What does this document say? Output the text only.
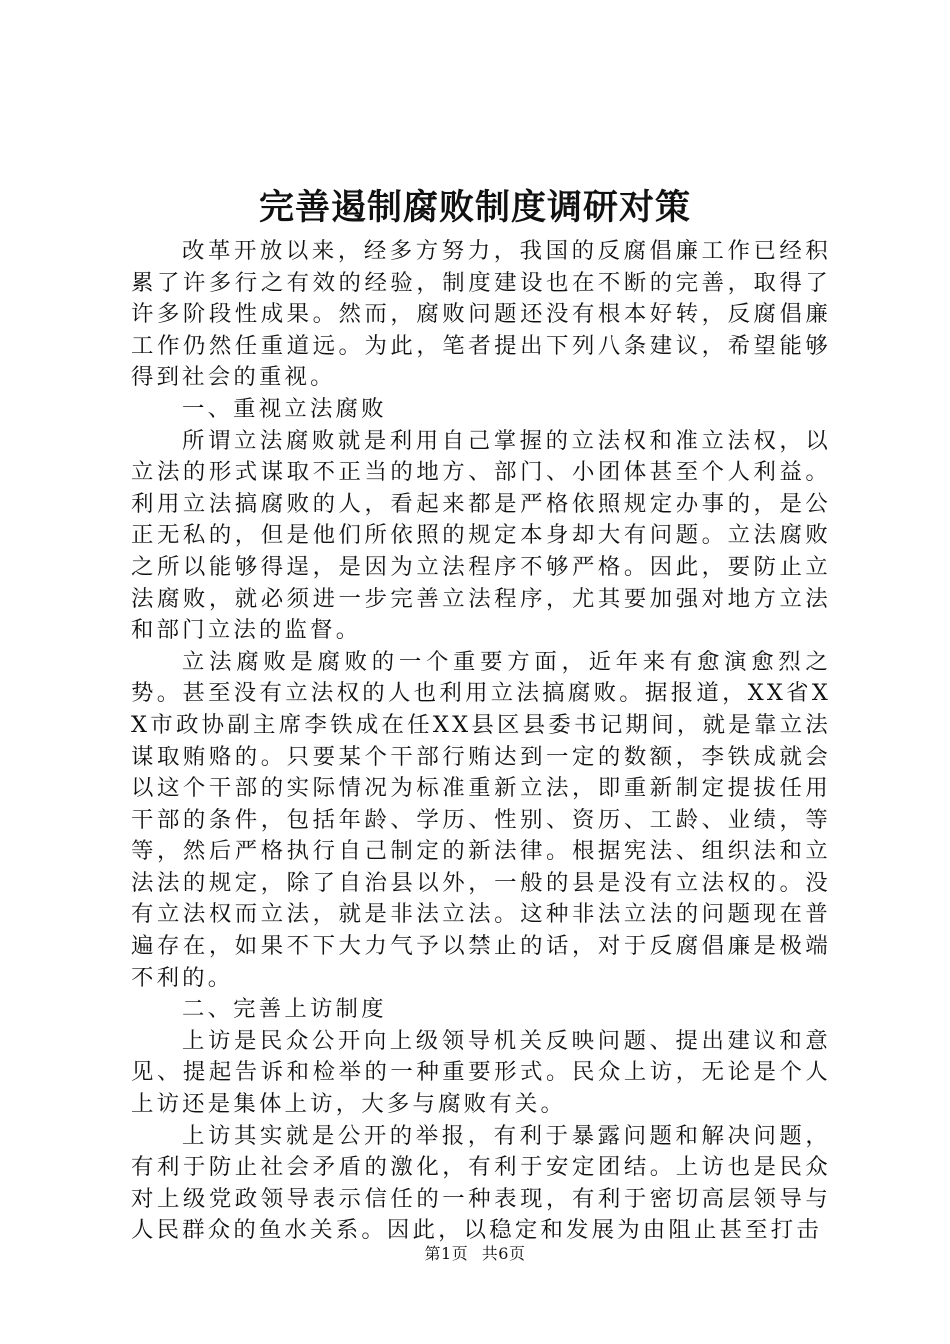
完善遏制腐败制度调研对策

改革开放以来，经多方努力，我国的反腐倡廉工作已经积累了许多行之有效的经验，制度建设也在不断的完善，取得了许多阶段性成果。然而，腐败问题还没有根本好转，反腐倡廉工作仍然任重道远。为此，笔者提出下列八条建议，希望能够得到社会的重视。

一、重视立法腐败

所谓立法腐败就是利用自己掌握的立法权和准立法权，以立法的形式谋取不正当的地方、部门、小团体甚至个人利益。利用立法搞腐败的人，看起来都是严格依照规定办事的，是公正无私的，但是他们所依照的规定本身却大有问题。立法腐败之所以能够得逞，是因为立法程序不够严格。因此，要防止立法腐败，就必须进一步完善立法程序，尤其要加强对地方立法和部门立法的监督。

立法腐败是腐败的一个重要方面，近年来有愈演愈烈之势。甚至没有立法权的人也利用立法搞腐败。据报道，XX省XX市政协副主席李铁成在任XX县区县委书记期间，就是靠立法谋取贿赂的。只要某个干部行贿达到一定的数额，李铁成就会以这个干部的实际情况为标准重新立法，即重新制定提拔任用干部的条件，包括年龄、学历、性别、资历、工龄、业绩，等等，然后严格执行自己制定的新法律。根据宪法、组织法和立法法的规定，除了自治县以外，一般的县是没有立法权的。没有立法权而立法，就是非法立法。这种非法立法的问题现在普遍存在，如果不下大力气予以禁止的话，对于反腐倡廉是极端不利的。

二、完善上访制度

上访是民众公开向上级领导机关反映问题、提出建议和意见、提起告诉和检举的一种重要形式。民众上访，无论是个人上访还是集体上访，大多与腐败有关。

上访其实就是公开的举报，有利于暴露问题和解决问题，有利于防止社会矛盾的激化，有利于安定团结。上访也是民众对上级党政领导表示信任的一种表现，有利于密切高层领导与人民群众的鱼水关系。因此，以稳定和发展为由阻止甚至打击

第1页 共6页
